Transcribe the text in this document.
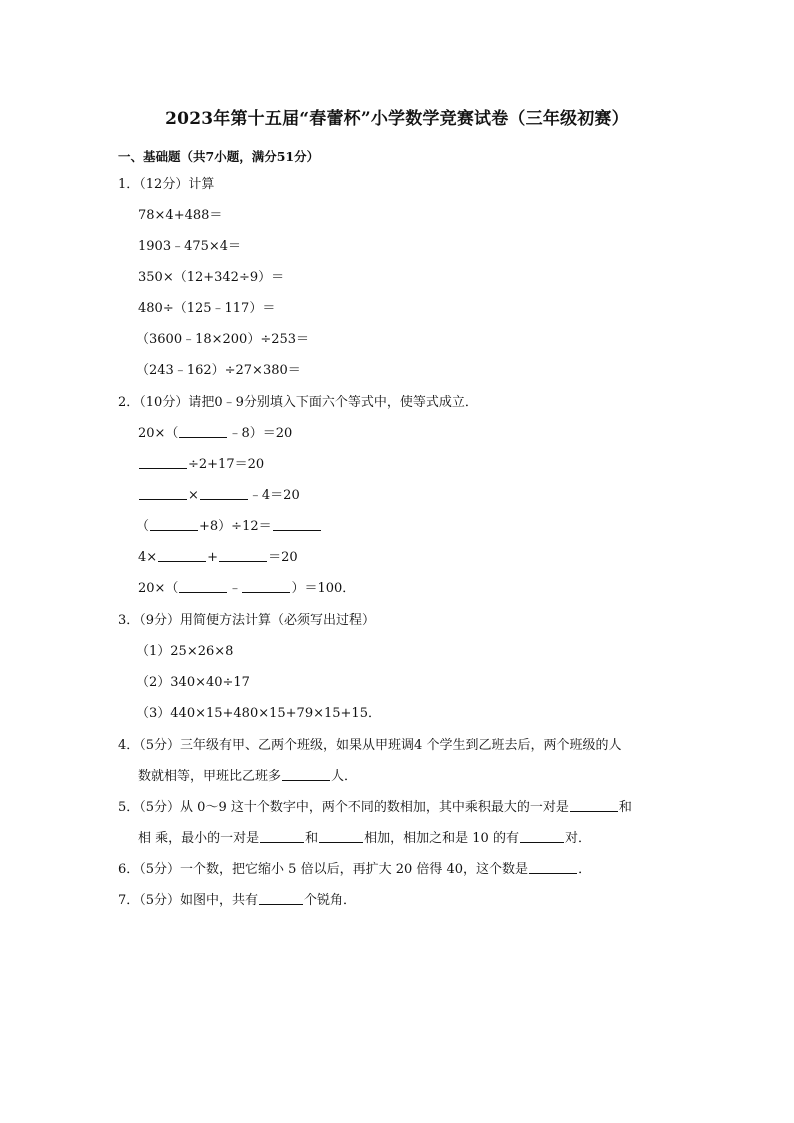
2023年第十五届“春蕾杯”小学数学竞赛试卷（三年级初赛）
一、基础题（共7小题，满分51分）
1．（12分）计算
78×4+488＝
1903﹣475×4＝
350×（12+342÷9）＝
480÷（125﹣117）＝
（3600﹣18×200）÷253＝
（243﹣162）÷27×380＝
2．（10分）请把0﹣9分别填入下面六个等式中，使等式成立．
20×（	﹣8）＝20
÷2+17＝20
×	﹣4＝20
（	+8）÷12＝
4×	+	＝20
20×（	﹣	）＝100．
3．（9分）用简便方法计算（必须写出过程）
（1）25×26×8
（2）340×40÷17
（3）440×15+480×15+79×15+15．
4．（5分）三年级有甲、乙两个班级，如果从甲班调4 个学生到乙班去后，两个班级的人
数就相等，甲班比乙班多	人．
5．（5分）从 0～9 这十个数字中，两个不同的数相加，其中乘积最大的一对是	和
相 乘，最小的一对是	和	相加，相加之和是 10 的有	对．
6．（5分）一个数，把它缩小 5 倍以后，再扩大 20 倍得 40，这个数是	．
7．（5分）如图中，共有	个锐角．
